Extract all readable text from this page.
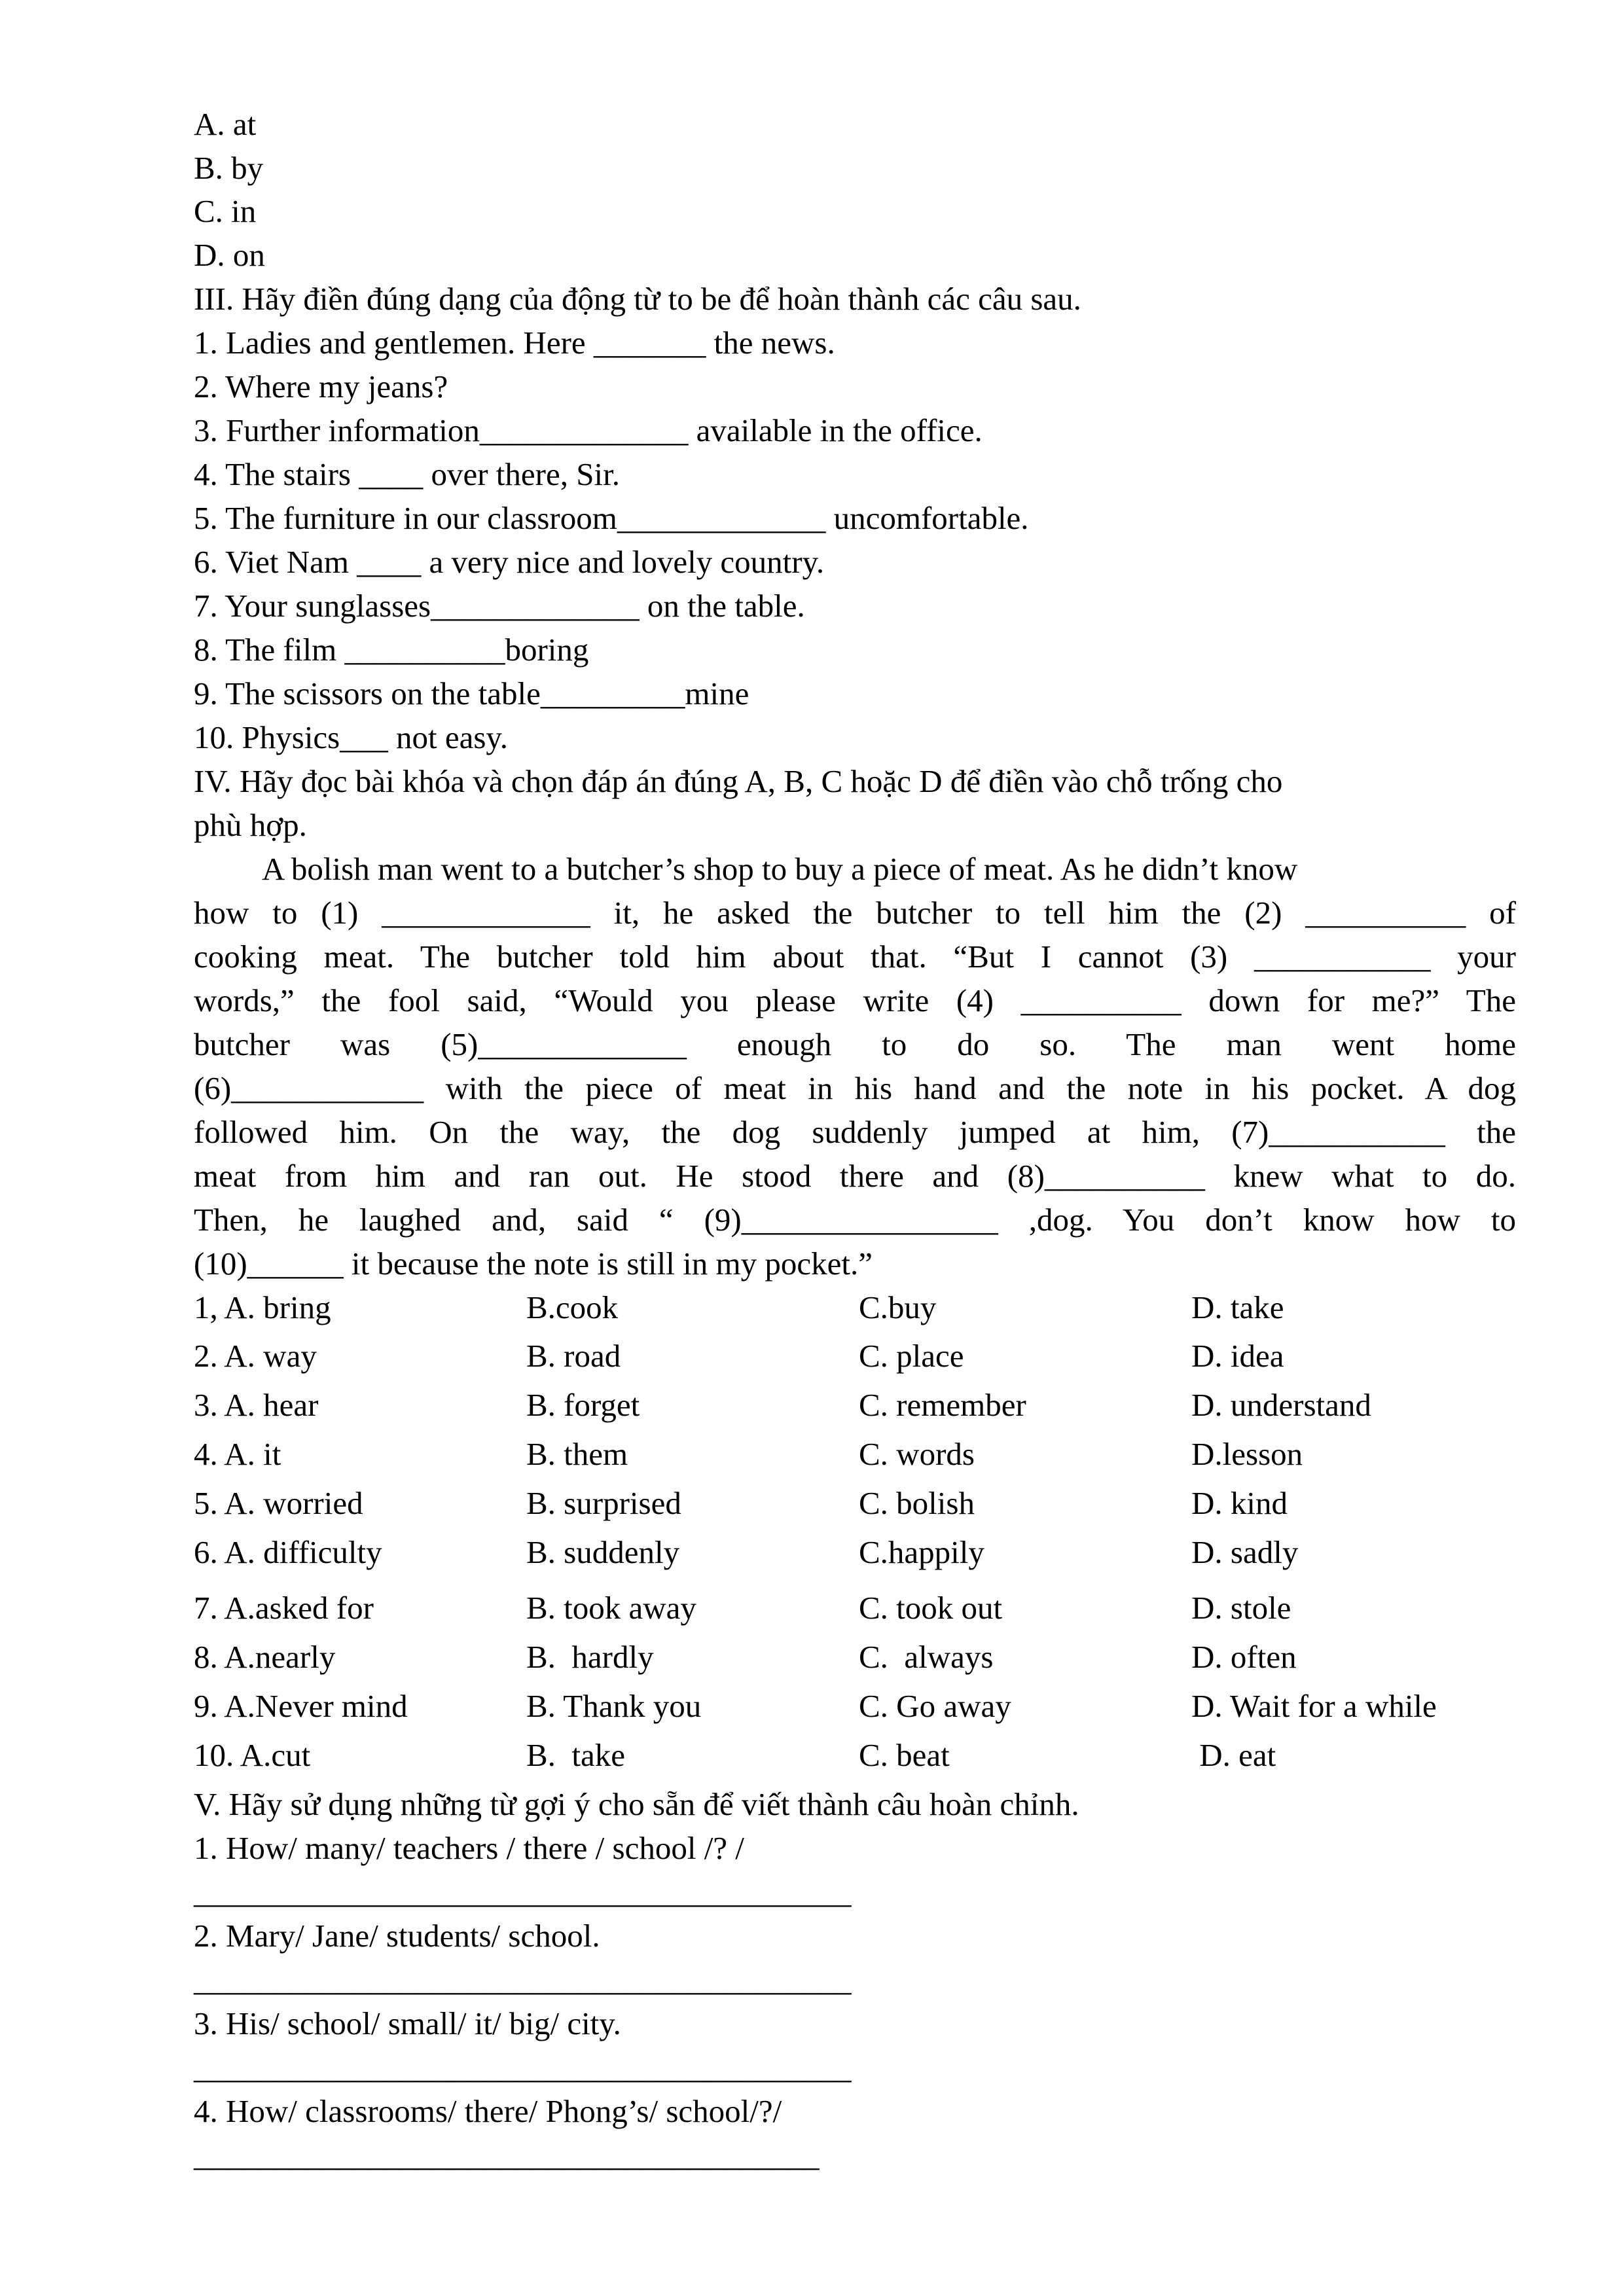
A. at
B. by
C. in
D. on
III. Hãy điền đúng dạng của động từ to be để hoàn thành các câu sau.
1. Ladies and gentlemen. Here _______ the news.
2. Where my jeans?
3. Further information_____________ available in the office.
4. The stairs ____ over there, Sir.
5. The furniture in our classroom_____________ uncomfortable.
6. Viet Nam ____ a very nice and lovely country.
7. Your sunglasses_____________ on the table.
8. The film __________boring
9. The scissors on the table_________mine
10. Physics___ not easy.
IV. Hãy đọc bài khóa và chọn đáp án đúng A, B, C hoặc D để điền vào chỗ trống cho
phù hợp.
A bolish man went to a butcher’s shop to buy a piece of meat. As he didn’t know
how to (1) _____________ it, he asked the butcher to tell him the (2) __________ of
cooking meat. The butcher told him about that. “But I cannot (3) ___________ your
words,” the fool said, “Would you please write (4) __________ down for me?” The
butcher was (5)_____________ enough to do so. The man went home
(6)____________ with the piece of meat in his hand and the note in his pocket. A dog
followed him. On the way, the dog suddenly jumped at him, (7)___________ the
meat from him and ran out. He stood there and (8)__________ knew what to do.
Then, he laughed and, said “ (9)________________ ,dog. You don’t know how to
(10)______ it because the note is still in my pocket.”
1, A. bring	B.cook	C.buy	D. take
2. A. way	B. road	C. place	D. idea
3. A. hear	B. forget	C. remember	D. understand
4. A. it	B. them	C. words	D.lesson
5. A. worried	B. surprised	C. bolish	D. kind
6. A. difficulty	B. suddenly	C.happily	D. sadly
7. A.asked for	B. took away	C. took out	D. stole
8. A.nearly	B.  hardly	C.  always	D. often
9. A.Never mind	B. Thank you	C. Go away	D. Wait for a while
10. A.cut	B.  take	C. beat	D. eat
V. Hãy sử dụng những từ gợi ý cho sẵn để viết thành câu hoàn chỉnh.
1. How/ many/ teachers / there / school /? /
_________________________________________
2. Mary/ Jane/ students/ school.
_________________________________________
3. His/ school/ small/ it/ big/ city.
_________________________________________
4. How/ classrooms/ there/ Phong’s/ school/?/
_______________________________________
